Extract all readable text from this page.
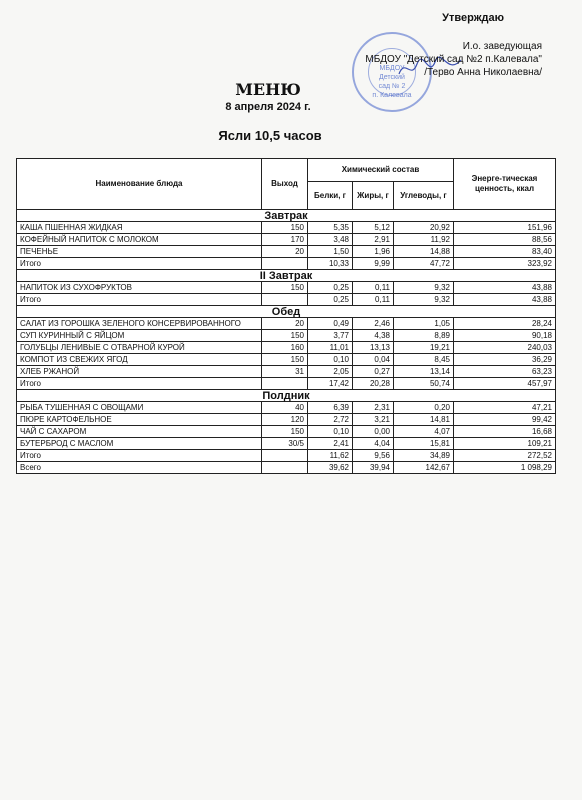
Утверждаю
МБДОУ
Детский
сад № 2
п. Калевала
И.о. заведующая
МБДОУ "Детский сад №2 п.Калевала"
/Терво Анна Николаевна/
МЕНЮ
8 апреля 2024 г.
Ясли 10,5 часов
Наименование блюда	Выход	Химический состав			Энерге-тическая ценность, ккал
		Белки, г	Жиры, г	Углеводы, г	
Завтрак					
КАША ПШЕННАЯ ЖИДКАЯ	150	5,35	5,12	20,92	151,96
КОФЕЙНЫЙ НАПИТОК С МОЛОКОМ	170	3,48	2,91	11,92	88,56
ПЕЧЕНЬЕ	20	1,50	1,96	14,88	83,40
Итого		10,33	9,99	47,72	323,92
II Завтрак					
НАПИТОК ИЗ СУХОФРУКТОВ	150	0,25	0,11	9,32	43,88
Итого		0,25	0,11	9,32	43,88
Обед					
САЛАТ ИЗ ГОРОШКА ЗЕЛЕНОГО КОНСЕРВИРОВАННОГО	20	0,49	2,46	1,05	28,24
СУП КУРИННЫЙ С ЯЙЦОМ	150	3,77	4,38	8,89	90,18
ГОЛУБЦЫ ЛЕНИВЫЕ С ОТВАРНОЙ КУРОЙ	160	11,01	13,13	19,21	240,03
КОМПОТ ИЗ СВЕЖИХ ЯГОД	150	0,10	0,04	8,45	36,29
ХЛЕБ РЖАНОЙ	31	2,05	0,27	13,14	63,23
Итого		17,42	20,28	50,74	457,97
Полдник					
РЫБА ТУШЕННАЯ С ОВОЩАМИ	40	6,39	2,31	0,20	47,21
ПЮРЕ КАРТОФЕЛЬНОЕ	120	2,72	3,21	14,81	99,42
ЧАЙ С САХАРОМ	150	0,10	0,00	4,07	16,68
БУТЕРБРОД С МАСЛОМ	30/5	2,41	4,04	15,81	109,21
Итого		11,62	9,56	34,89	272,52
Всего		39,62	39,94	142,67	1 098,29
